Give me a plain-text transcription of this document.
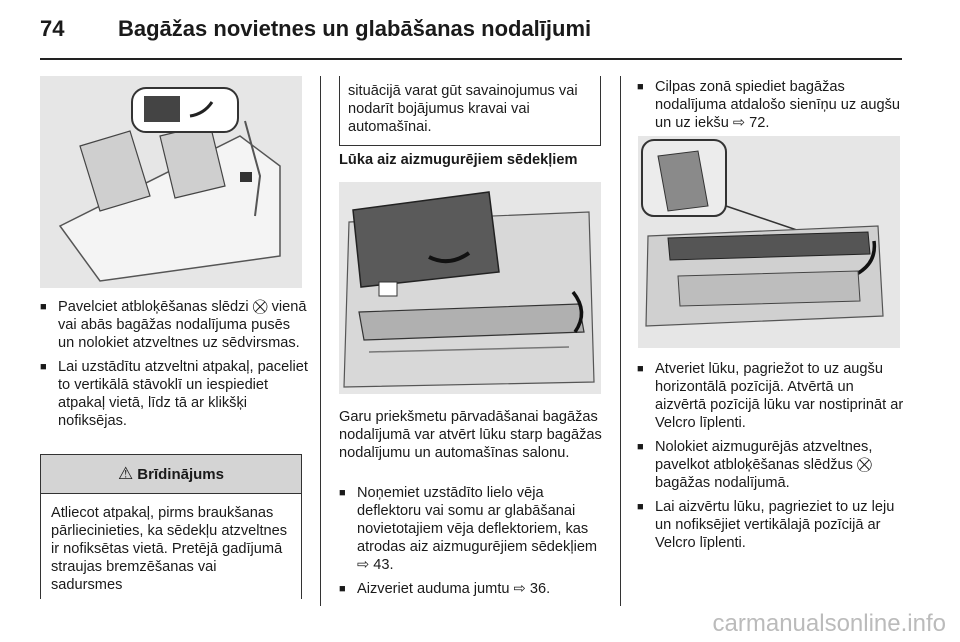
74 Bagāžas novietnes un glabāšanas nodalījumi
■ Pavelciet atbloķēšanas slēdzi ⛒ vienā vai abās bagāžas nodalījuma pusēs un nolokiet atzveltnes uz sēdvirsmas.
■ Lai uzstādītu atzveltni atpakaļ, paceliet to vertikālā stāvoklī un iespiediet atpakaļ vietā, līdz tā ar klikšķi nofiksējas.
⚠ Brīdinājums
Atliecot atpakaļ, pirms braukšanas pārliecinieties, ka sēdekļu atzveltnes ir nofiksētas vietā. Pretējā gadījumā straujas bremzēšanas vai sadursmes
situācijā varat gūt savainojumus vai nodarīt bojājumus kravai vai automašīnai.
Lūka aiz aizmugurējiem sēdekļiem

Garu priekšmetu pārvadāšanai bagāžas nodalījumā var atvērt lūku starp bagāžas nodalījumu un automašīnas salonu.

■ Noņemiet uzstādīto lielo vēja deflektoru vai somu ar glabāšanai novietotajiem vēja deflektoriem, kas atrodas aiz aizmugurējiem sēdekļiem ⇨ 43.
■ Aizveriet auduma jumtu ⇨ 36.
■ Cilpas zonā spiediet bagāžas nodalījuma atdalošo sienīņu uz augšu un uz iekšu ⇨ 72.
■ Atveriet lūku, pagriežot to uz augšu horizontālā pozīcijā. Atvērtā un aizvērtā pozīcijā lūku var nostiprināt ar Velcro līplenti.
■ Nolokiet aizmugurējās atzveltnes, pavelkot atbloķēšanas slēdžus ⛒ bagāžas nodalījumā.
■ Lai aizvērtu lūku, pagrieziet to uz leju un nofiksējiet vertikālajā pozīcijā ar Velcro līplenti.
carmanualsonline.info
